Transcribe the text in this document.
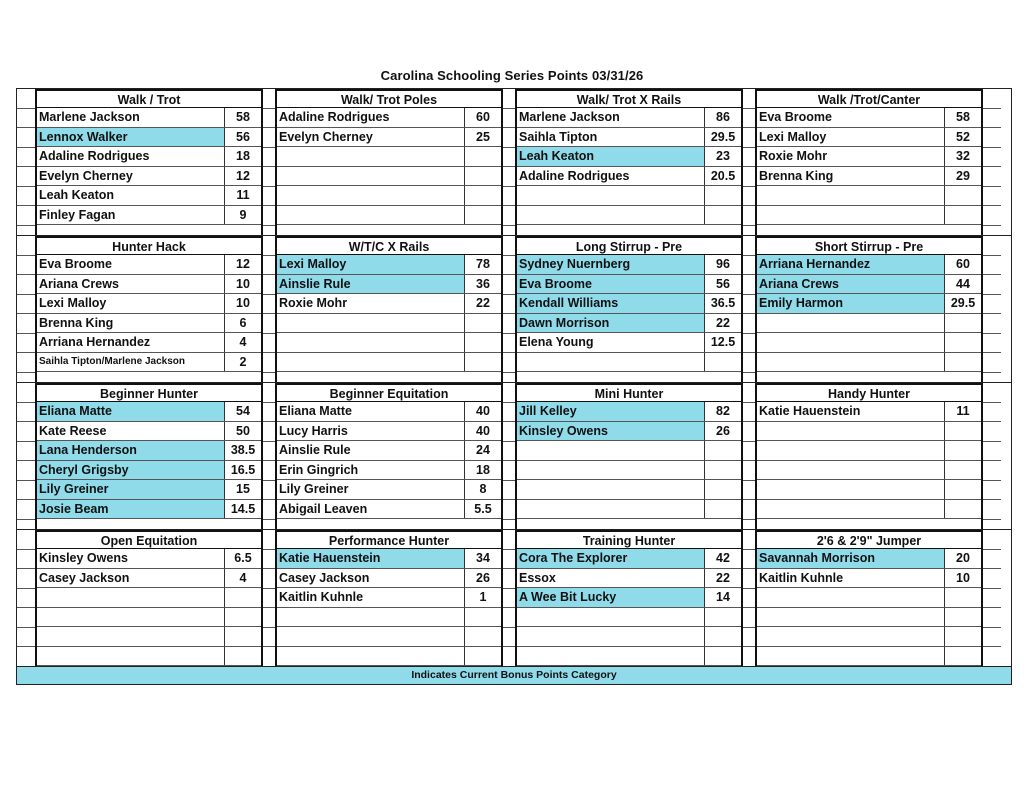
Carolina Schooling Series Points 03/31/26
Walk / Trot
Marlene Jackson	58
Lennox Walker	56
Adaline Rodrigues	18
Evelyn Cherney	12
Leah Keaton	11
Finley Fagan	9
Walk/ Trot Poles
Adaline Rodrigues	60
Evelyn Cherney	25
Walk/ Trot X Rails
Marlene Jackson	86
Saihla Tipton	29.5
Leah Keaton	23
Adaline Rodrigues	20.5
Walk /Trot/Canter
Eva Broome	58
Lexi Malloy	52
Roxie Mohr	32
Brenna King	29
Hunter Hack
Eva Broome	12
Ariana Crews	10
Lexi Malloy	10
Brenna King	6
Arriana Hernandez	4
Saihla Tipton/Marlene Jackson	2
W/T/C X Rails
Lexi Malloy	78
Ainslie Rule	36
Roxie Mohr	22
Long Stirrup - Pre
Sydney Nuernberg	96
Eva Broome	56
Kendall Williams	36.5
Dawn Morrison	22
Elena Young	12.5
Short Stirrup - Pre
Arriana Hernandez	60
Ariana Crews	44
Emily Harmon	29.5
Beginner Hunter
Eliana Matte	54
Kate Reese	50
Lana Henderson	38.5
Cheryl Grigsby	16.5
Lily Greiner	15
Josie Beam	14.5
Beginner Equitation
Eliana Matte	40
Lucy Harris	40
Ainslie Rule	24
Erin Gingrich	18
Lily Greiner	8
Abigail Leaven	5.5
Mini Hunter
Jill Kelley	82
Kinsley Owens	26
Handy Hunter
Katie Hauenstein	11
Open Equitation
Kinsley Owens	6.5
Casey Jackson	4
Performance Hunter
Katie Hauenstein	34
Casey Jackson	26
Kaitlin Kuhnle	1
Training Hunter
Cora The Explorer	42
Essox	22
A Wee Bit Lucky	14
2'6 & 2'9" Jumper
Savannah Morrison	20
Kaitlin Kuhnle	10
Indicates Current Bonus Points Category
